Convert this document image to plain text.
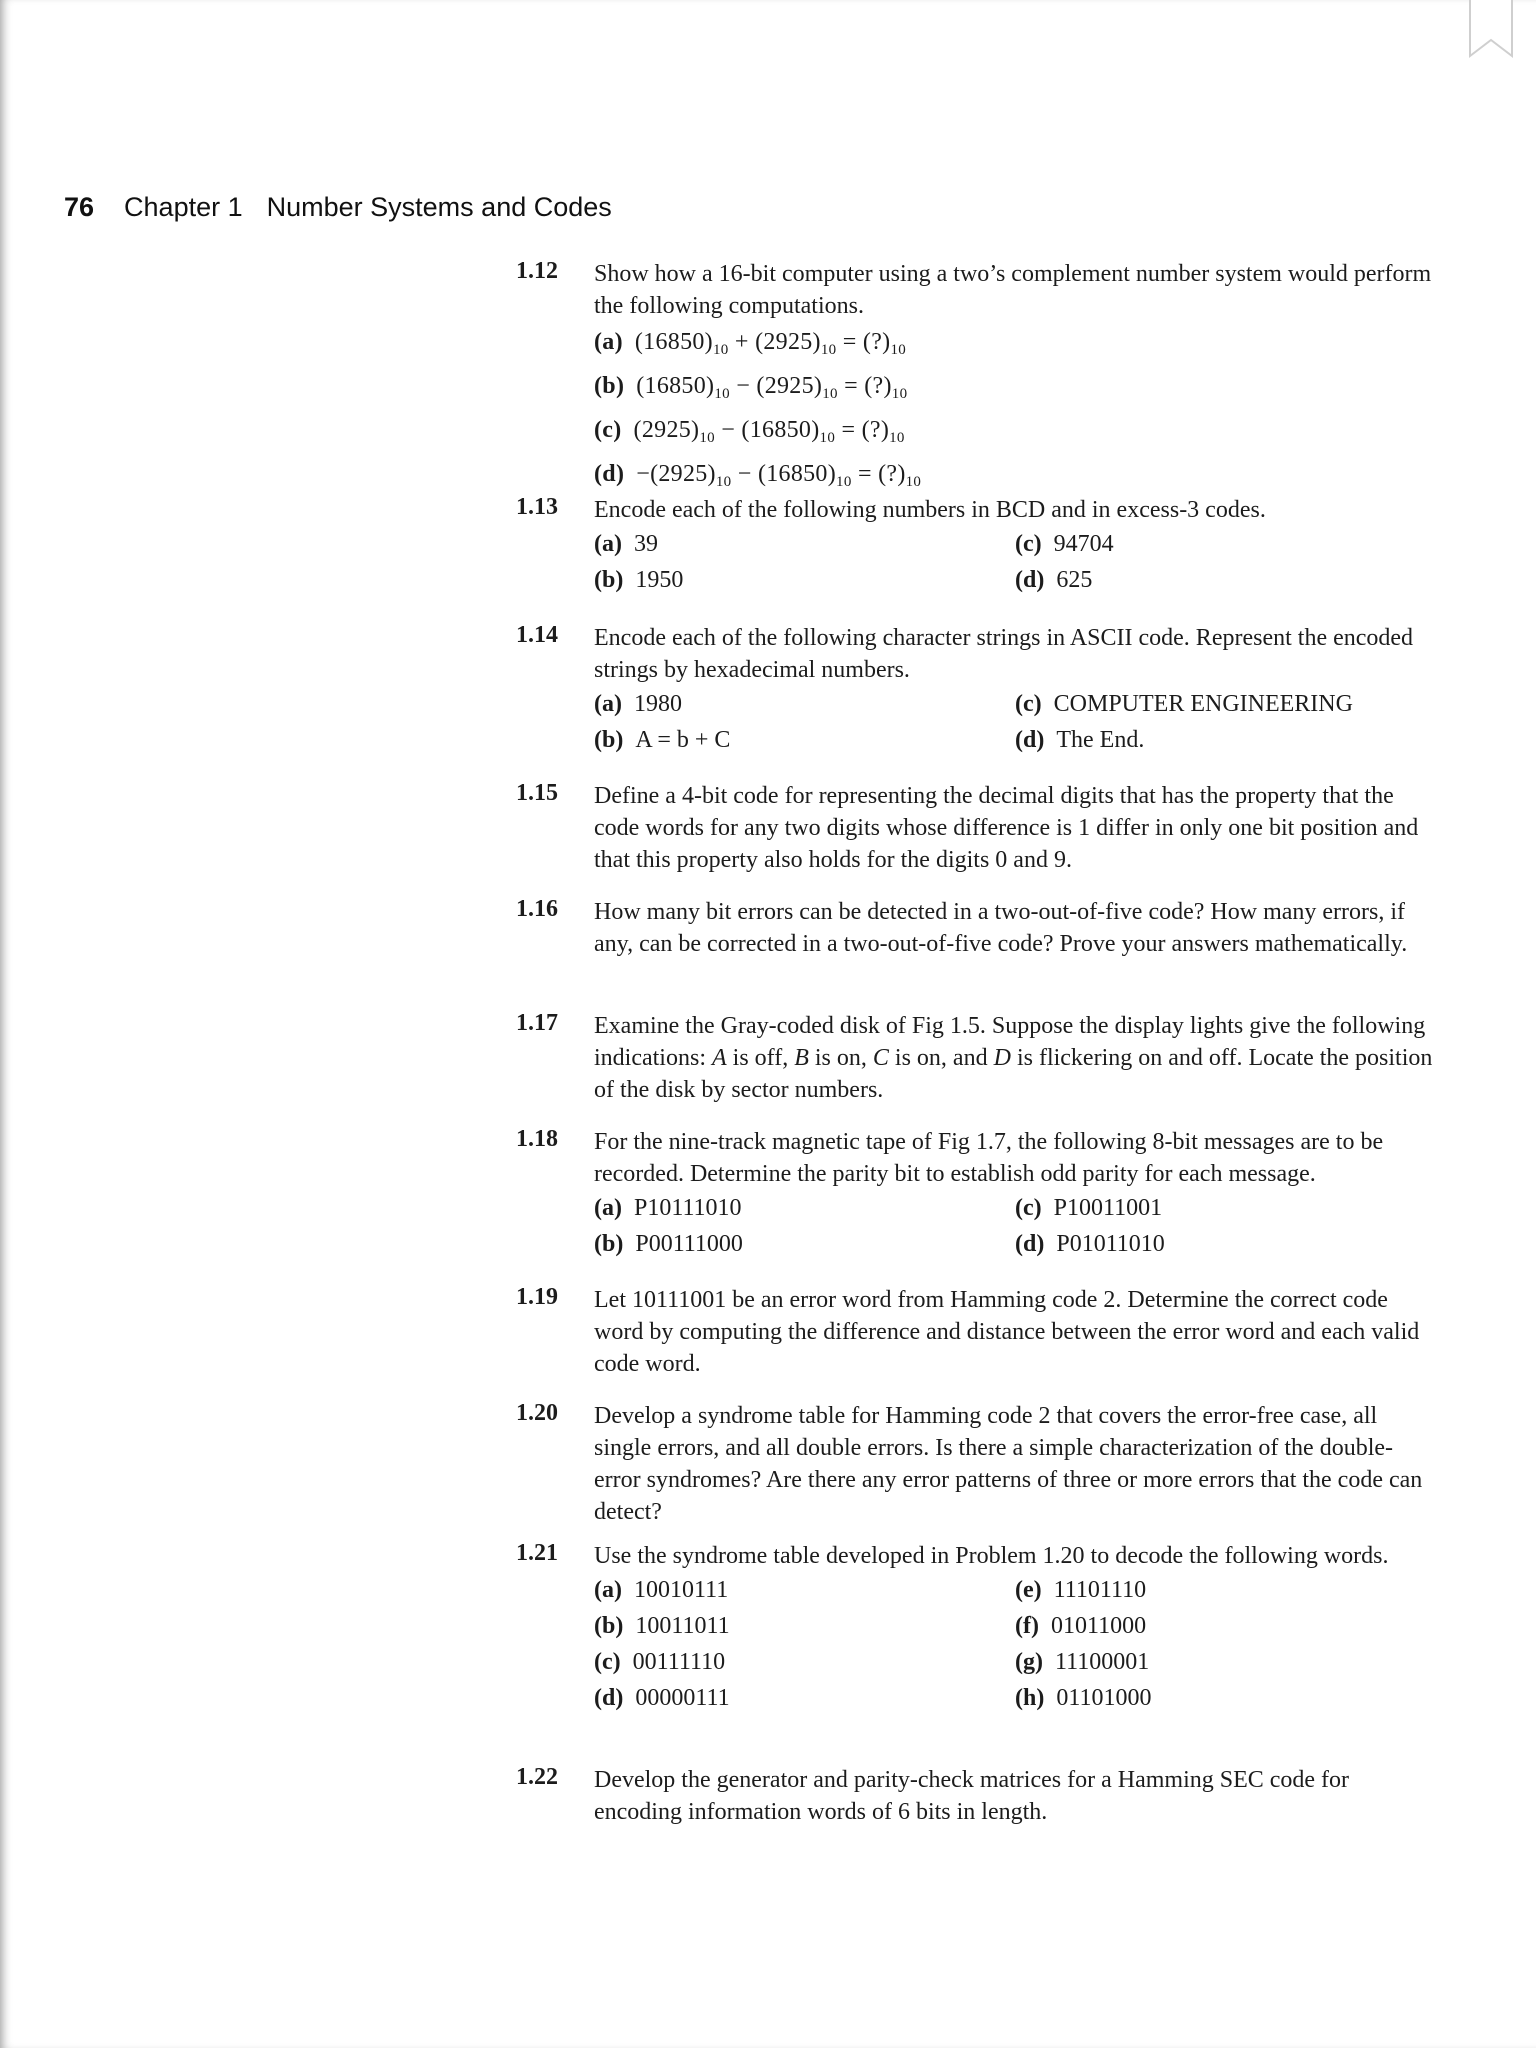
76 Chapter 1 Number Systems and Codes
1.12 Show how a 16-bit computer using a two’s complement number system would perform the following computations.

(a) $(16850)_{10} + (2925)_{10}$ = $(?)_{10}$
(b) $(16850)_{10} - (2925)_{10}$ = $(?)_{10}$
(c) $(2925)_{10} - (16850)_{10}$ = $(?)_{10}$
$(d) -(2925)_{10} - (16850)_{10}$ = $(?)_{10}$
1.13 Encode each of the following numbers in BCD and in excess-3 codes.

(a) 39	(c) 94704
(b) 1950	(d) 625
1.14 Encode each of the following character strings in ASCII code. Represent the encoded strings by hexadecimal numbers.

(a) 1980	(c) COMPUTER ENGINEERING
(b) A = b + C	(d) The End.
1.15 Define a 4-bit code for representing the decimal digits that has the property that the code words for any two digits whose difference is 1 differ in only one bit position and that this property also holds for the digits 0 and 9.

1.16 How many bit errors can be detected in a two-out-of-five code? How many errors, if any, can be corrected in a two-out-of-five code? Prove your answers mathematically.

1.17 Examine the Gray-coded disk of Fig 1.5. Suppose the display lights give the following indications: A is off, B is on, C is on, and D is flickering on and off. Locate the position of the disk by sector numbers.

1.18 For the nine-track magnetic tape of Fig 1.7, the following 8-bit messages are to be recorded. Determine the parity bit to establish odd parity for each message.

(a) P10111010	(c) P10011001
(b) P00111000	(d) P01011010
1.19 Let 10111001 be an error word from Hamming code 2. Determine the correct code word by computing the difference and distance between the error word and each valid code word.

1.20 Develop a syndrome table for Hamming code 2 that covers the error-free case, all single errors, and all double errors. Is there a simple characterization of the double-error syndromes? Are there any error patterns of three or more errors that the code can detect?

1.21 Use the syndrome table developed in Problem 1.20 to decode the following words.

(a) 10010111	(e) 11101110
(b) 10011011	(f) 01011000
(c) 00111110	(g) 11100001
(d) 00000111	(h) 01101000
1.22 Develop the generator and parity-check matrices for a Hamming SEC code for encoding information words of 6 bits in length.
